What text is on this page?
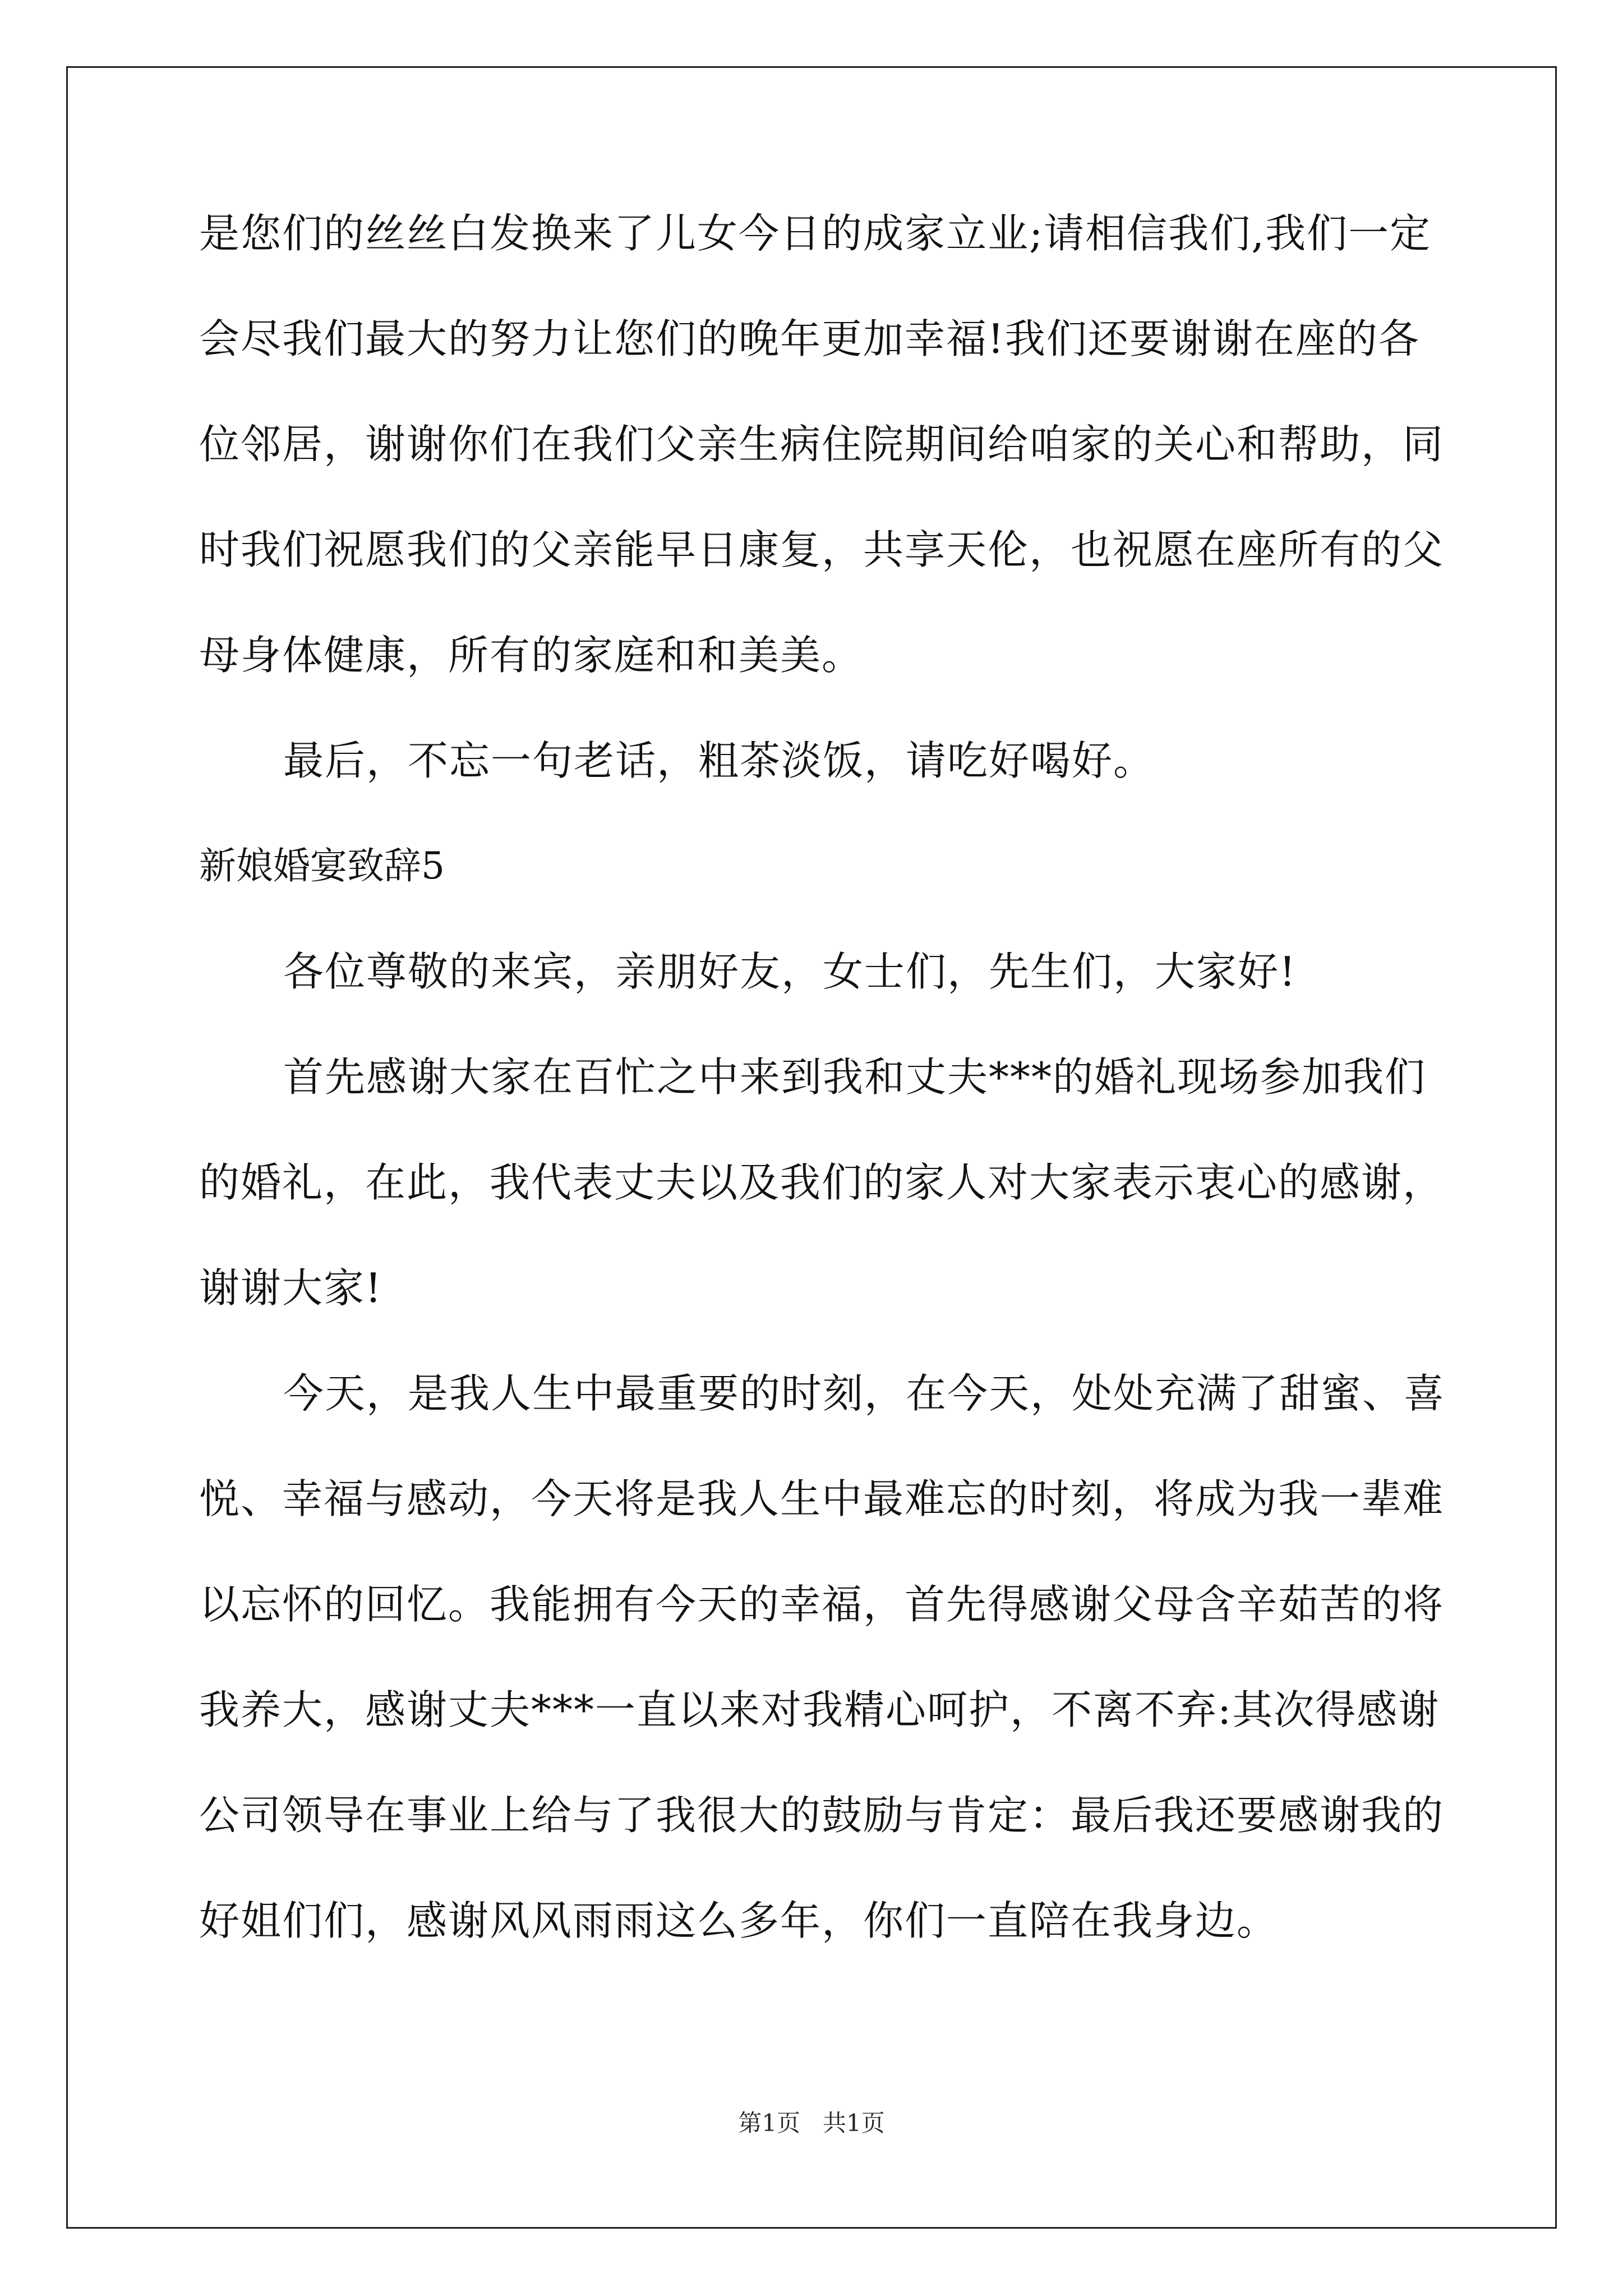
是您们的丝丝白发换来了儿女今日的成家立业;请相信我们,我们一定
会尽我们最大的努力让您们的晚年更加幸福!我们还要谢谢在座的各
位邻居，谢谢你们在我们父亲生病住院期间给咱家的关心和帮助，同
时我们祝愿我们的父亲能早日康复，共享天伦，也祝愿在座所有的父
母身体健康，所有的家庭和和美美。
最后，不忘一句老话，粗茶淡饭，请吃好喝好。
新娘婚宴致辞5
各位尊敬的来宾，亲朋好友，女士们，先生们，大家好!
首先感谢大家在百忙之中来到我和丈夫***的婚礼现场参加我们
的婚礼，在此，我代表丈夫以及我们的家人对大家表示衷心的感谢，
谢谢大家!
今天，是我人生中最重要的时刻，在今天，处处充满了甜蜜、喜
悦、幸福与感动，今天将是我人生中最难忘的时刻，将成为我一辈难
以忘怀的回忆。我能拥有今天的幸福，首先得感谢父母含辛茹苦的将
我养大，感谢丈夫***一直以来对我精心呵护，不离不弃:其次得感谢
公司领导在事业上给与了我很大的鼓励与肯定：最后我还要感谢我的
好姐们们，感谢风风雨雨这么多年，你们一直陪在我身边。
第1页   共1页
